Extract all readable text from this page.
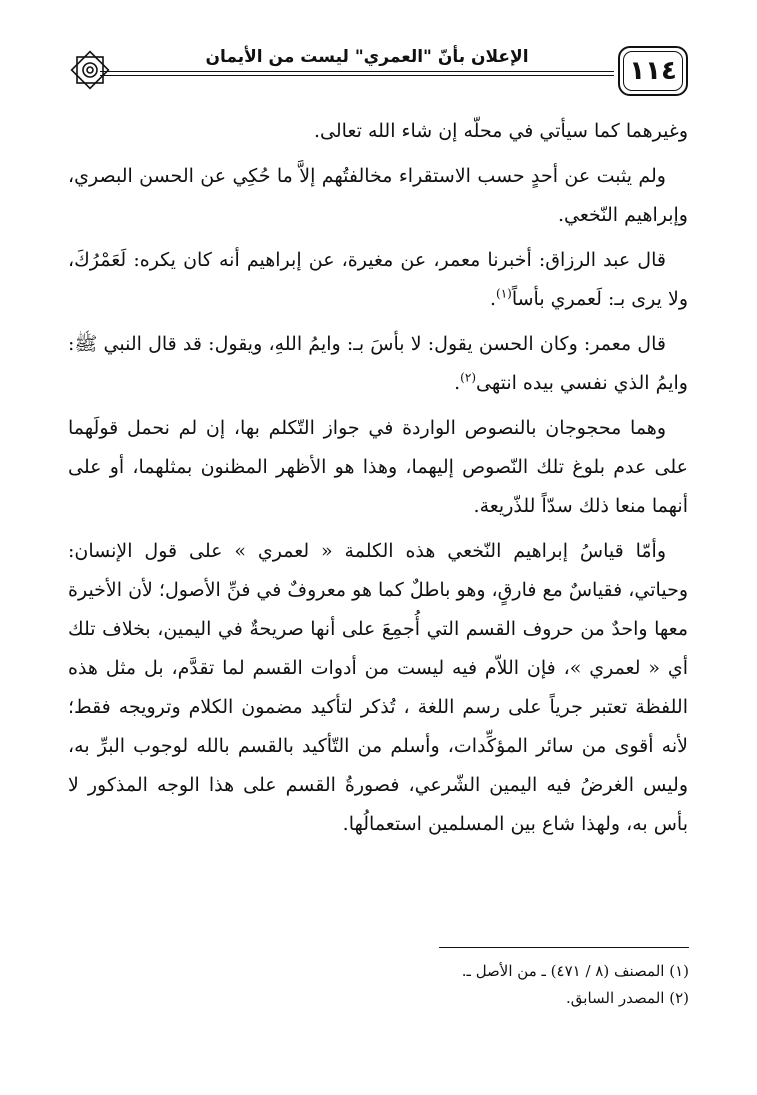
١١٤
الإعلان بأنّ "العمري" ليست من الأيمان

وغيرهما كما سيأتي في محلّه إن شاء الله تعالى.

ولم يثبت عن أحدٍ حسب الاستقراء مخالفتُهم إلاَّ ما حُكِي عن الحسن البصري، وإبراهيم النّخعي.

قال عبد الرزاق: أخبرنا معمر، عن مغيرة، عن إبراهيم أنه كان يكره: لَعَمْرُكَ، ولا يرى بـ: لَعمري بأساً$^{(١)}$.

قال معمر: وكان الحسن يقول: لا بأسَ بـ: وايمُ اللهِ، ويقول: قد قال النبي ﷺ: وايمُ الذي نفسي بيده انتهى$^{(٢)}$.

وهما محجوجان بالنصوص الواردة في جواز التّكلم بها، إن لم نحمل قولَهما على عدم بلوغ تلك النّصوص إليهما، وهذا هو الأظهر المظنون بمثلهما، أو على أنهما منعا ذلك سدّاً للذّريعة.

وأمّا قياسُ إبراهيم النّخعي هذه الكلمة « لعمري » على قول الإنسان: وحياتي، فقياسٌ مع فارقٍ، وهو باطلٌ كما هو معروفٌ في فنِّ الأصول؛ لأن الأخيرة معها واحدٌ من حروف القسم التي أُجمِعَ على أنها صريحةٌ في اليمين، بخلاف تلك أي « لعمري »، فإن اللاّم فيه ليست من أدوات القسم لما تقدَّم، بل مثل هذه اللفظة تعتبر جرياً على رسم اللغة ، تُذكر لتأكيد مضمون الكلام وترويجه فقط؛ لأنه أقوى من سائر المؤكِّدات، وأسلم من التّأكيد بالقسم بالله لوجوب البرِّ به، وليس الغرضُ فيه اليمين الشّرعي، فصورةُ القسم على هذا الوجه المذكور لا بأس به، ولهذا شاع بين المسلمين استعمالُها.

(١) المصنف (٨ / ٤٧١) ـ من الأصل ـ.
(٢) المصدر السابق.
